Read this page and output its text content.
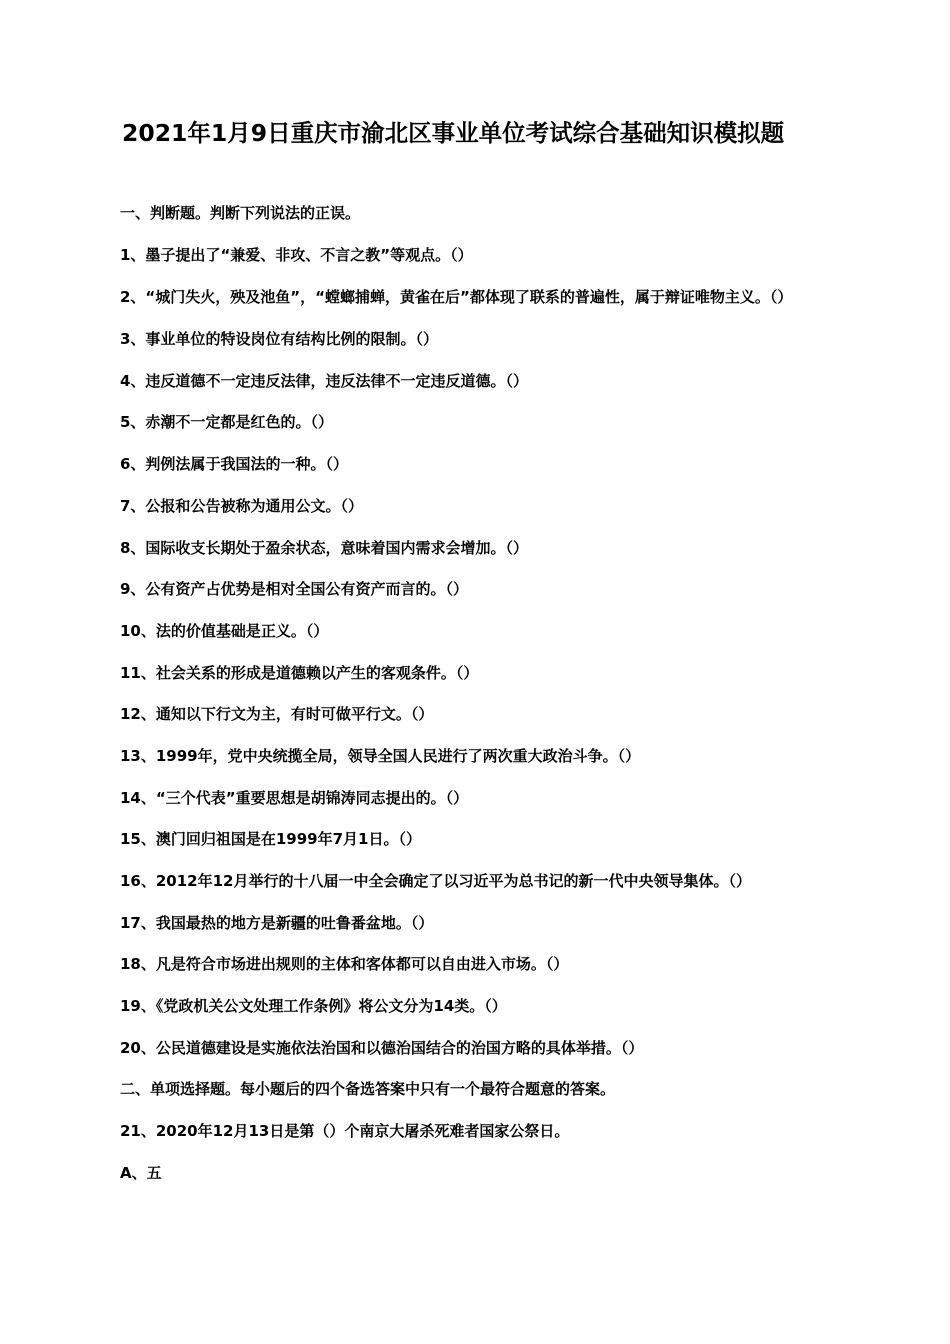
2021年1月9日重庆市渝北区事业单位考试综合基础知识模拟题

一、判断题。判断下列说法的正误。

1、墨子提出了“兼爱、非攻、不言之教”等观点。（）

2、“城门失火，殃及池鱼”，“螳螂捕蝉，黄雀在后”都体现了联系的普遍性，属于辩证唯物主义。（）

3、事业单位的特设岗位有结构比例的限制。（）

4、违反道德不一定违反法律，违反法律不一定违反道德。（）

5、赤潮不一定都是红色的。（）

6、判例法属于我国法的一种。（）

7、公报和公告被称为通用公文。（）

8、国际收支长期处于盈余状态，意味着国内需求会增加。（）

9、公有资产占优势是相对全国公有资产而言的。（）

10、法的价值基础是正义。（）

11、社会关系的形成是道德赖以产生的客观条件。（）

12、通知以下行文为主，有时可做平行文。（）

13、1999年，党中央统揽全局，领导全国人民进行了两次重大政治斗争。（）

14、“三个代表”重要思想是胡锦涛同志提出的。（）

15、澳门回归祖国是在1999年7月1日。（）

16、2012年12月举行的十八届一中全会确定了以习近平为总书记的新一代中央领导集体。（）

17、我国最热的地方是新疆的吐鲁番盆地。（）

18、凡是符合市场进出规则的主体和客体都可以自由进入市场。（）

19、《党政机关公文处理工作条例》将公文分为14类。（）

20、公民道德建设是实施依法治国和以德治国结合的治国方略的具体举措。（）

二、单项选择题。每小题后的四个备选答案中只有一个最符合题意的答案。

21、2020年12月13日是第（）个南京大屠杀死难者国家公祭日。

A、五
